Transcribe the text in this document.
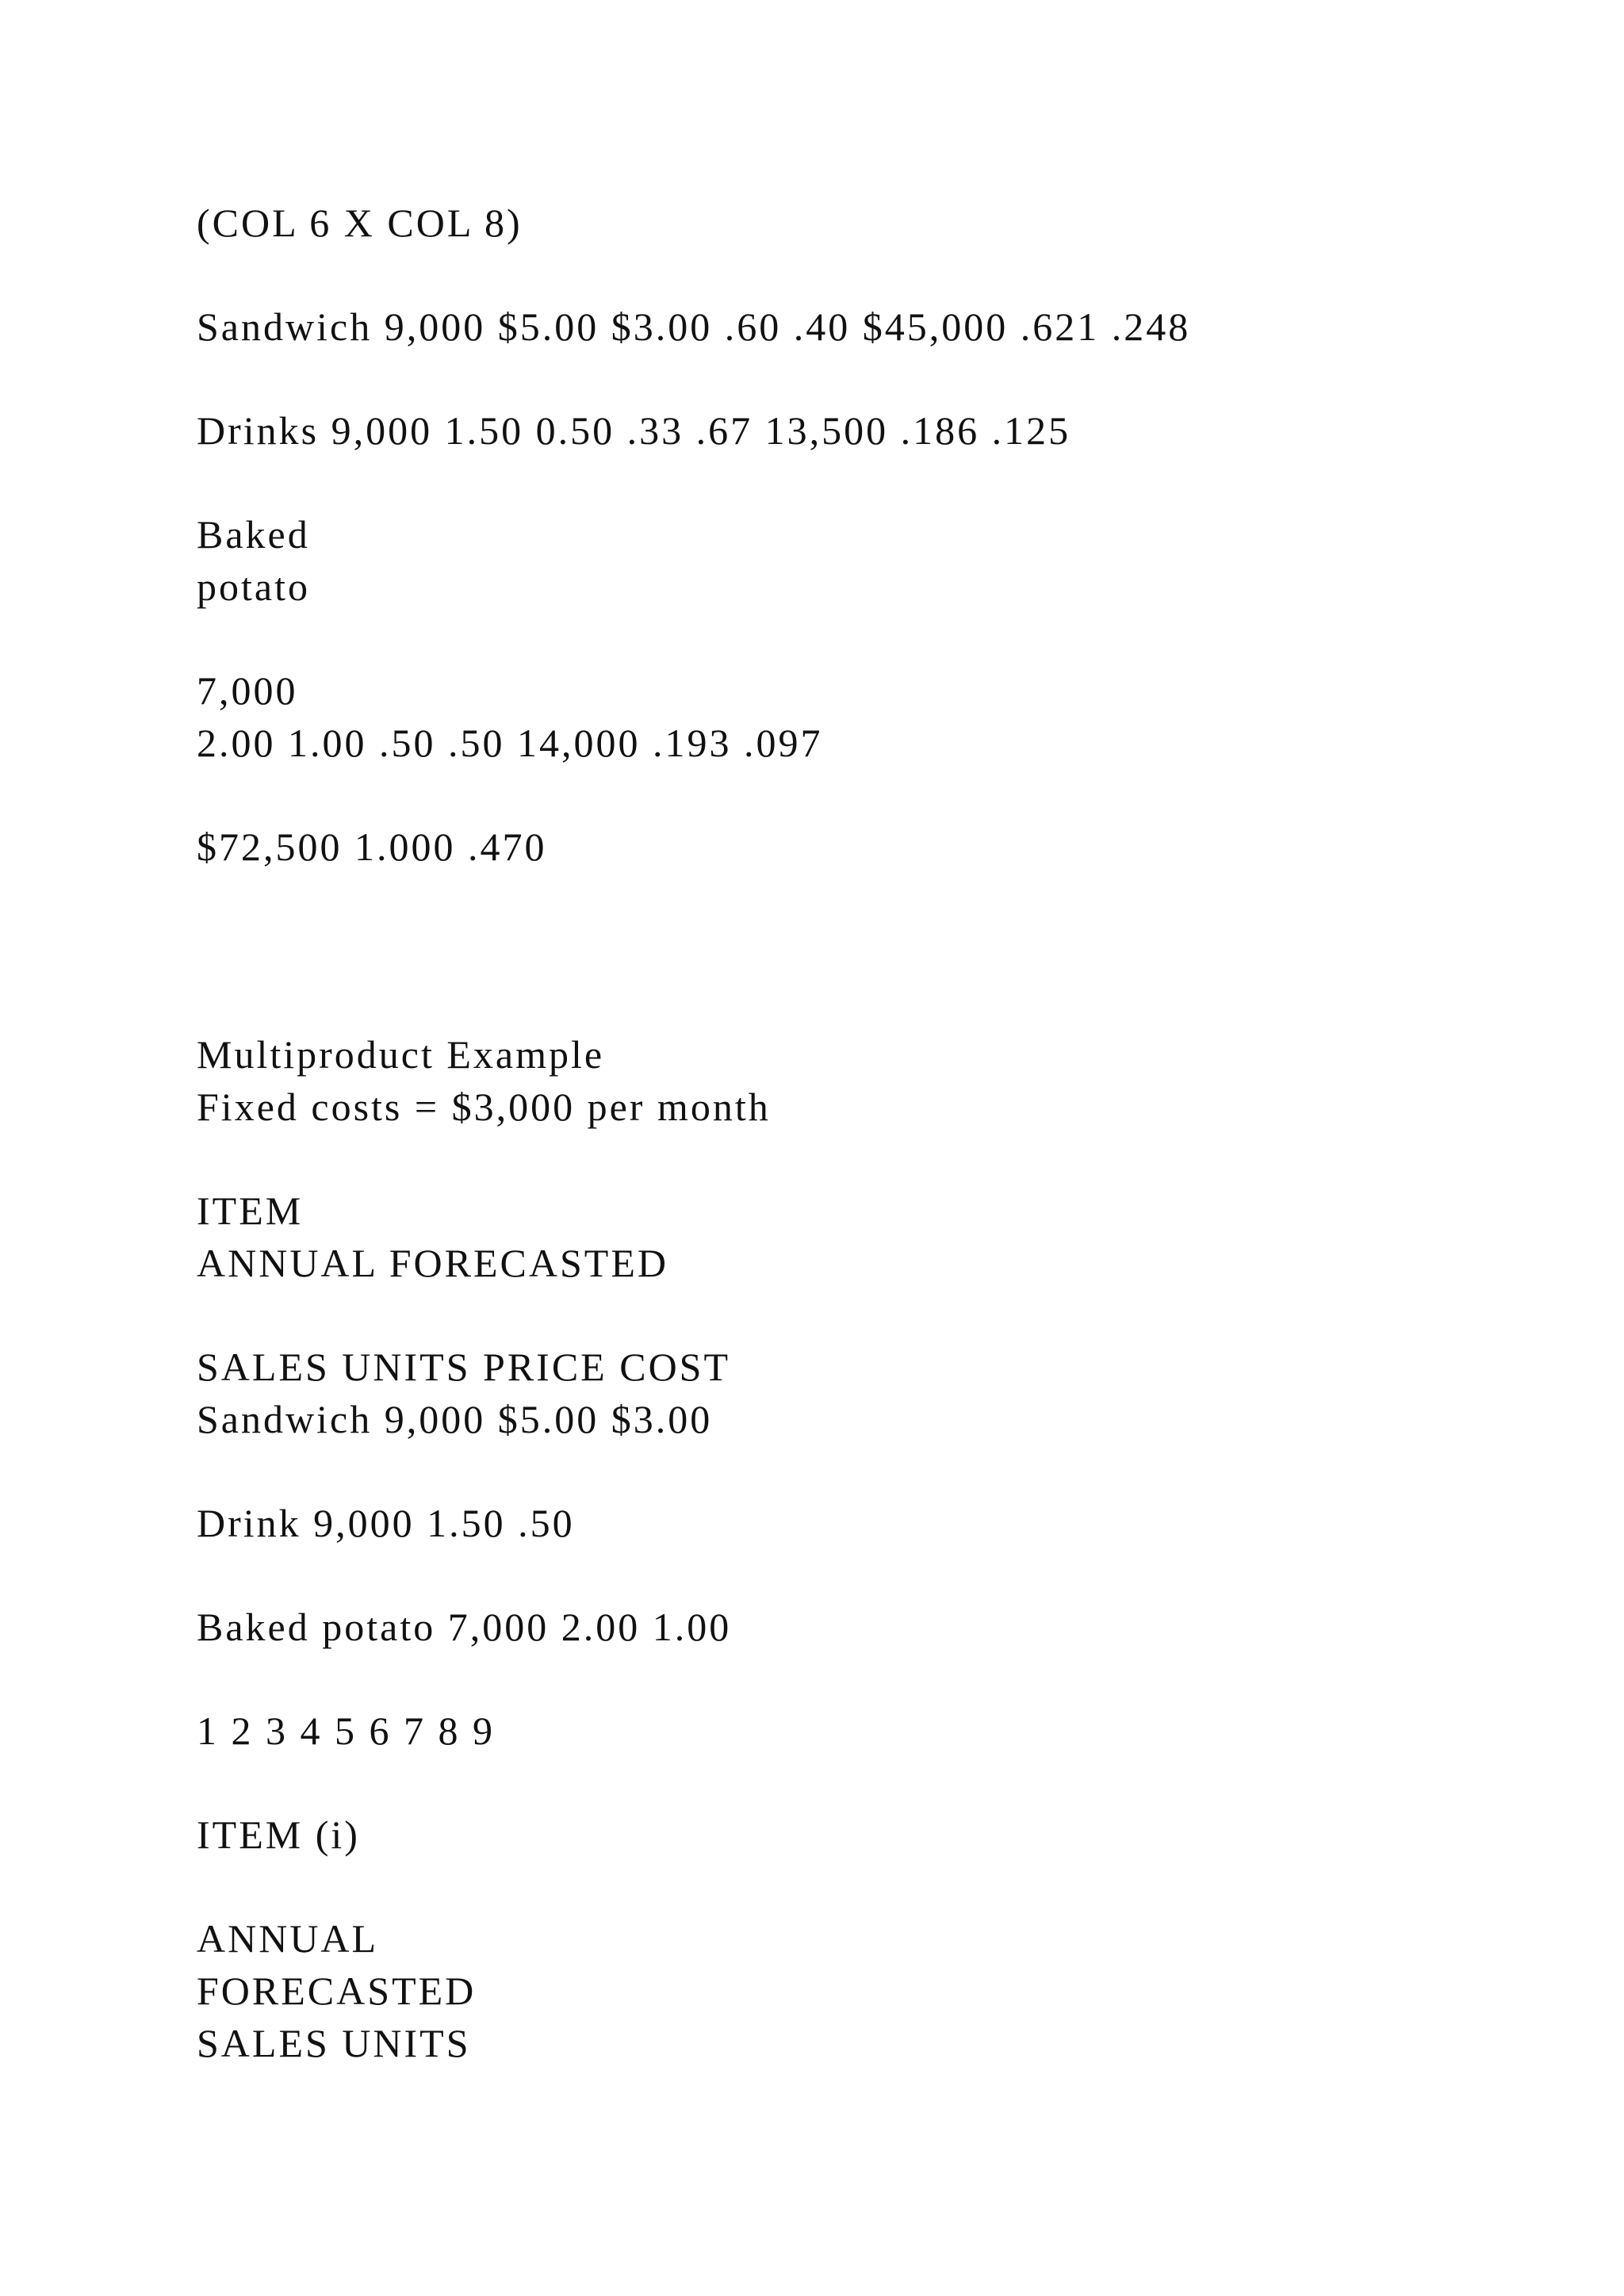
(COL 6 X COL 8)
Sandwich 9,000 $5.00 $3.00 .60 .40 $45,000 .621 .248
Drinks 9,000 1.50 0.50 .33 .67 13,500 .186 .125
Baked
potato
7,000
2.00 1.00 .50 .50 14,000 .193 .097
$72,500 1.000 .470
Multiproduct Example
Fixed costs = $3,000 per month
ITEM
ANNUAL FORECASTED
SALES UNITS PRICE COST
Sandwich 9,000 $5.00 $3.00
Drink 9,000 1.50 .50
Baked potato 7,000 2.00 1.00
1 2 3 4 5 6 7 8 9
ITEM (i)
ANNUAL
FORECASTED
SALES UNITS
